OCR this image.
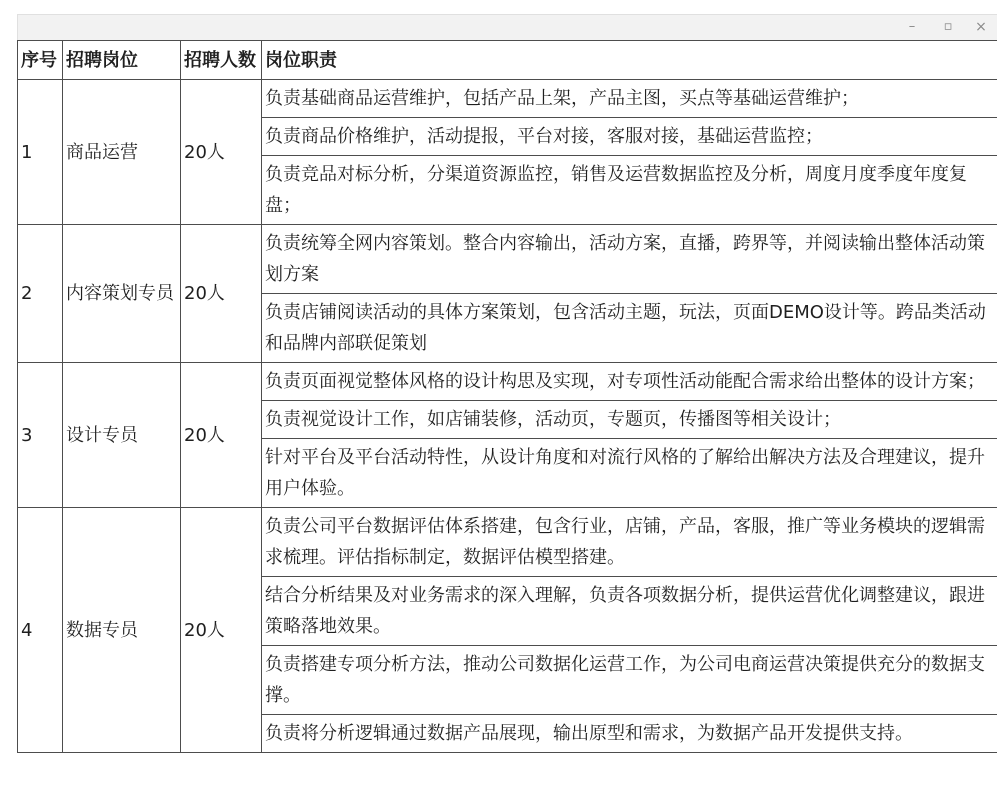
–	▫ ×
序号	招聘岗位	招聘人数	岗位职责
1	商品运营	20人	负责基础商品运营维护，包括产品上架，产品主图，买点等基础运营维护；
			负责商品价格维护，活动提报，平台对接，客服对接，基础运营监控；
			负责竞品对标分析，分渠道资源监控，销售及运营数据监控及分析，周度月度季度年度复盘；
2	内容策划专员	20人	负责统筹全网内容策划。整合内容输出，活动方案，直播，跨界等，并阅读输出整体活动策划方案
			负责店铺阅读活动的具体方案策划，包含活动主题，玩法，页面DEMO设计等。跨品类活动和品牌内部联促策划
3	设计专员	20人	负责页面视觉整体风格的设计构思及实现，对专项性活动能配合需求给出整体的设计方案；
			负责视觉设计工作，如店铺装修，活动页，专题页，传播图等相关设计；
			针对平台及平台活动特性，从设计角度和对流行风格的了解给出解决方法及合理建议，提升用户体验。
4	数据专员	20人	负责公司平台数据评估体系搭建，包含行业，店铺，产品，客服，推广等业务模块的逻辑需求梳理。评估指标制定，数据评估模型搭建。
			结合分析结果及对业务需求的深入理解，负责各项数据分析，提供运营优化调整建议，跟进策略落地效果。
			负责搭建专项分析方法，推动公司数据化运营工作，为公司电商运营决策提供充分的数据支撑。
			负责将分析逻辑通过数据产品展现，输出原型和需求，为数据产品开发提供支持。
